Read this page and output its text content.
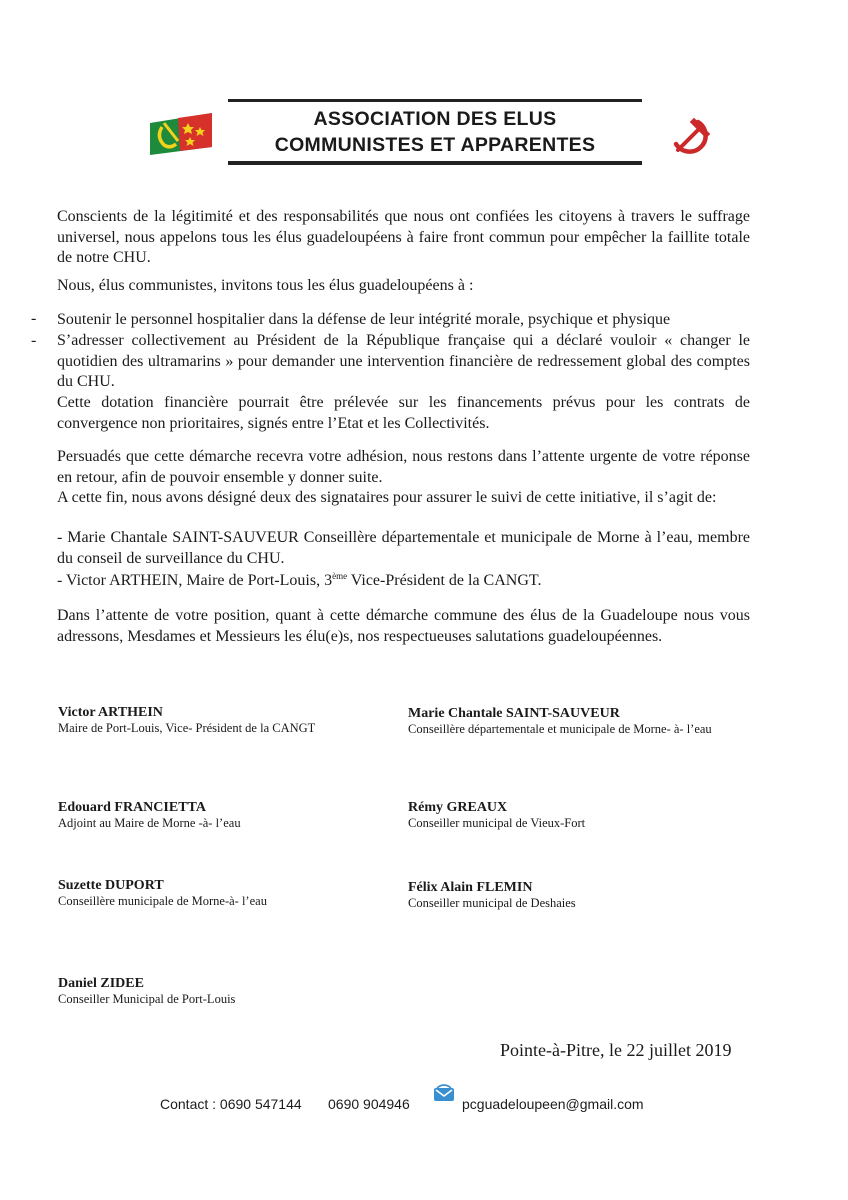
ASSOCIATION DES ELUS
COMMUNISTES ET APPARENTES
Conscients de la légitimité et des responsabilités que nous ont confiées les citoyens à travers le suffrage universel, nous appelons tous les élus guadeloupéens à faire front commun pour empêcher la faillite totale de notre CHU.
Nous, élus communistes, invitons tous les élus guadeloupéens à :
- Soutenir le personnel hospitalier dans la défense de leur intégrité morale, psychique et physique
- S’adresser collectivement au Président de la République française qui a déclaré vouloir « changer le quotidien des ultramarins » pour demander une intervention financière de redressement global des comptes du CHU.
Cette dotation financière pourrait être prélevée sur les financements prévus pour les contrats de convergence non prioritaires, signés entre l’Etat et les Collectivités.
Persuadés que cette démarche recevra votre adhésion, nous restons dans l’attente urgente de votre réponse en retour, afin de pouvoir ensemble y donner suite.
A cette fin, nous avons désigné deux des signataires pour assurer le suivi de cette initiative, il s’agit de:
- Marie Chantale SAINT-SAUVEUR Conseillère départementale et municipale de Morne à l’eau, membre du conseil de surveillance du CHU.
- Victor ARTHEIN, Maire de Port-Louis, 3ème Vice-Président de la CANGT.
Dans l’attente de votre position, quant à cette démarche commune des élus de la Guadeloupe nous vous adressons, Mesdames et Messieurs les élu(e)s, nos respectueuses salutations guadeloupéennes.
Victor ARTHEIN
Maire de Port-Louis, Vice- Président de la CANGT
Marie Chantale SAINT-SAUVEUR
Conseillère départementale et municipale de Morne- à- l’eau
Edouard FRANCIETTA
Adjoint au Maire de Morne -à- l’eau
Rémy GREAUX
Conseiller municipal de Vieux-Fort
Suzette DUPORT
Conseillère municipale de Morne-à- l’eau
Félix Alain FLEMIN
Conseiller municipal de Deshaies
Daniel ZIDEE
Conseiller Municipal de Port-Louis
Pointe-à-Pitre, le 22 juillet 2019
Contact : 0690 547144 0690 904946	pcguadeloupeen@gmail.com
